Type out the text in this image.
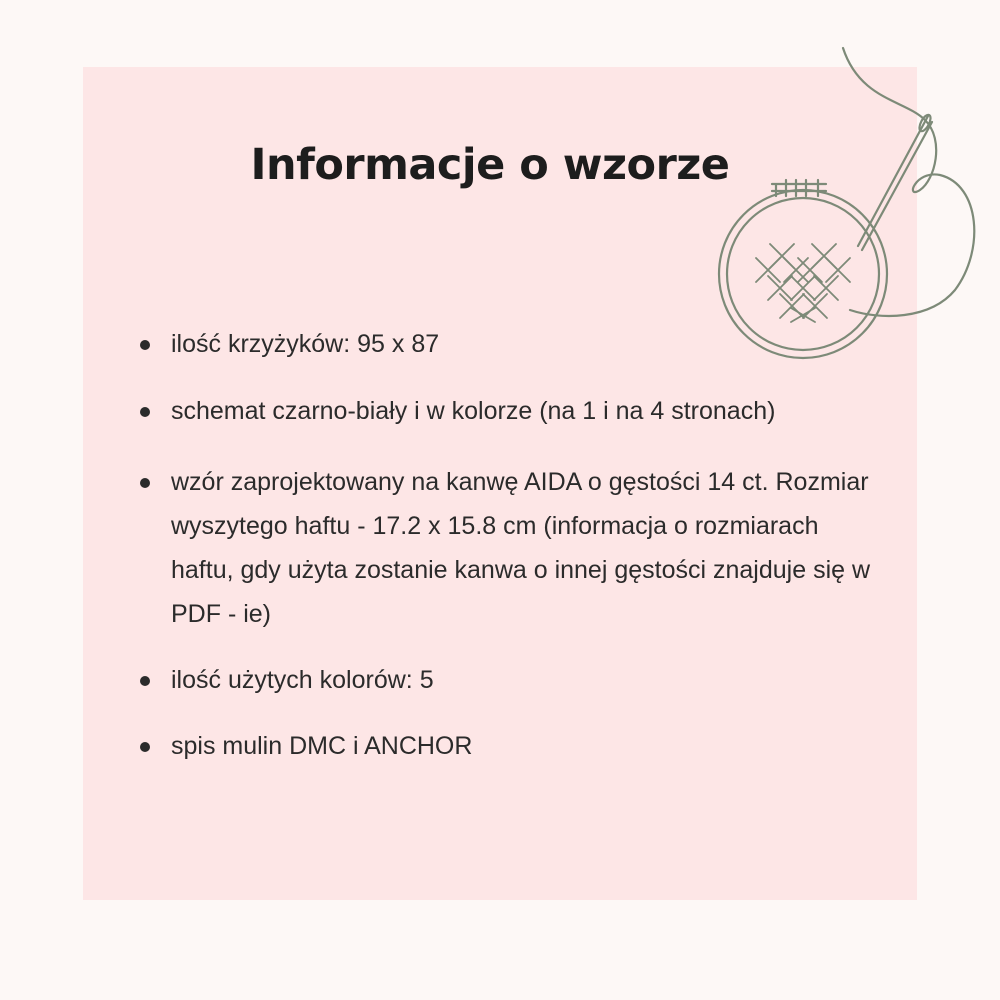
Informacje o wzorze
ilość krzyżyków: 95 x 87
schemat czarno-biały i w kolorze (na 1 i na 4 stronach)
wzór zaprojektowany na kanwę AIDA o gęstości 14 ct. Rozmiar wyszytego haftu - 17.2 x 15.8 cm (informacja o rozmiarach haftu, gdy użyta zostanie kanwa o innej gęstości znajduje się w PDF - ie)
ilość użytych kolorów: 5
spis mulin DMC i ANCHOR
